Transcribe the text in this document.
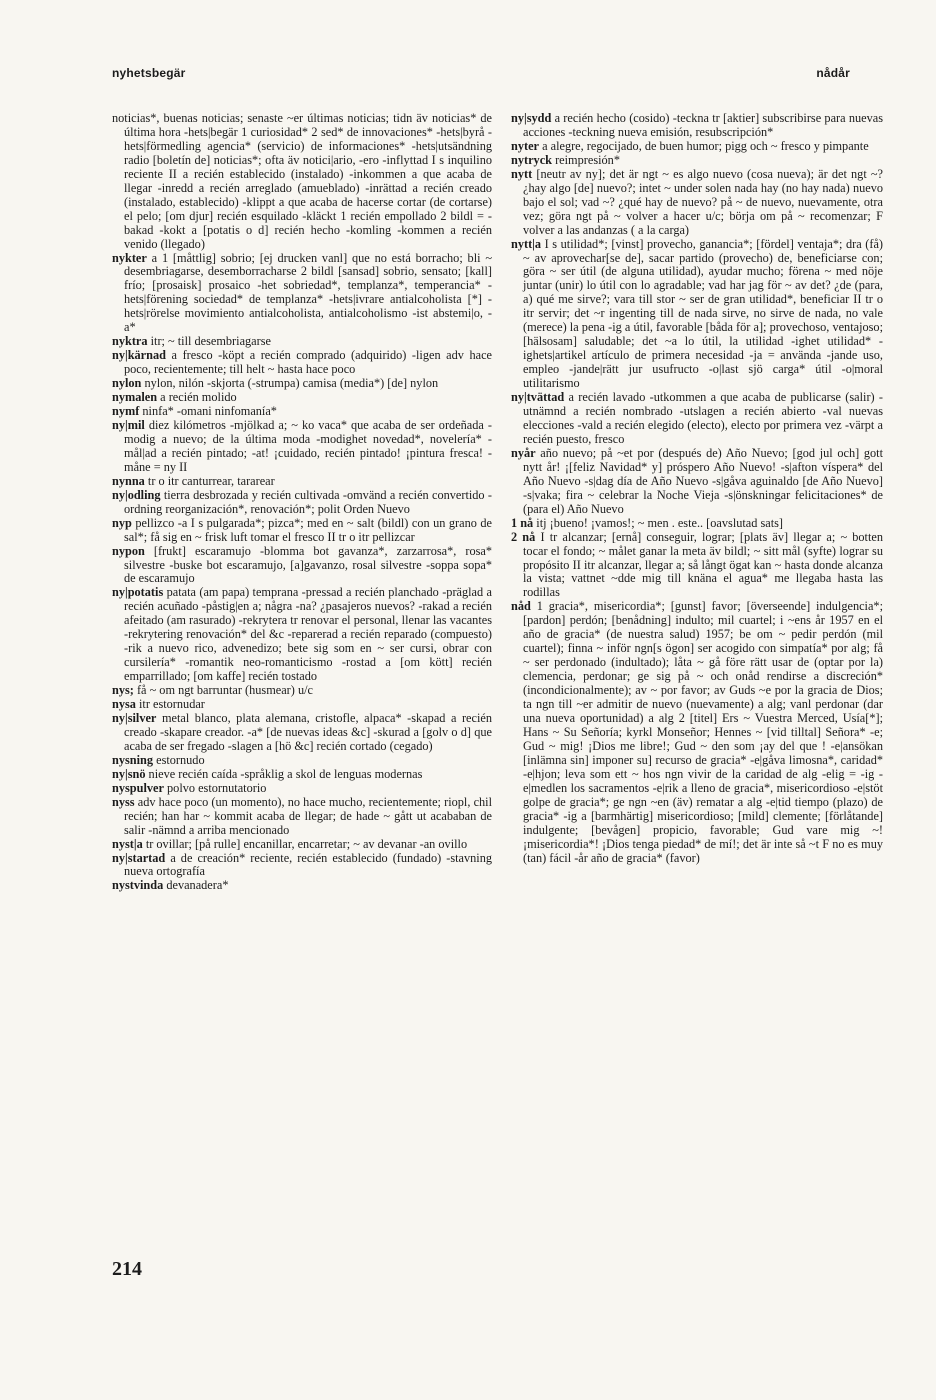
nyhetsbegär	nådår

noticias*, buenas noticias; senaste ~er últimas noticias; tidn äv noticias* de última hora -hets|begär 1 curiosidad* 2 sed* de innovaciones* -hets|byrå -hets|förmedling agencia* (servicio) de informaciones* -hets|utsändning radio [boletín de] noticias*; ofta äv notici|ario, -ero -inflyttad I s inquilino reciente II a recién establecido (instalado) -inkommen a que acaba de llegar -inredd a recién arreglado (amueblado) -inrättad a recién creado (instalado, establecido) -klippt a que acaba de hacerse cortar (de cortarse) el pelo; [om djur] recién esquilado -kläckt 1 recién empollado 2 bildl = -bakad -kokt a [potatis o d] recién hecho -komling -kommen a recién venido (llegado)

nykter a 1 [måttlig] sobrio; [ej drucken vanl] que no está borracho; bli ~ desembriagarse, desemborracharse 2 bildl [sansad] sobrio, sensato; [kall] frío; [prosaisk] prosaico -het sobriedad*, templanza*, temperancia* -hets|förening sociedad* de templanza* -hets|ivrare antialcoholista [*] -hets|rörelse movimiento antialcoholista, antialcoholismo -ist abstemi|o, -a*

nyktra itr; ~ till desembriagarse

ny|kärnad a fresco -köpt a recién comprado (adquirido) -ligen adv hace poco, recientemente; till helt ~ hasta hace poco

nylon nylon, nilón -skjorta (-strumpa) camisa (media*) [de] nylon

nymalen a recién molido

nymf ninfa* -omani ninfomanía*

ny|mil diez kilómetros -mjölkad a; ~ ko vaca* que acaba de ser ordeñada -modig a nuevo; de la última moda -modighet novedad*, novelería* -mål|ad a recién pintado; -at! ¡cuidado, recién pintado! ¡pintura fresca! -måne = ny II

nynna tr o itr canturrear, tararear

ny|odling tierra desbrozada y recién cultivada -omvänd a recién convertido -ordning reorganización*, renovación*; polit Orden Nuevo

nyp pellizco -a I s pulgarada*; pizca*; med en ~ salt (bildl) con un grano de sal*; få sig en ~ frisk luft tomar el fresco II tr o itr pellizcar

nypon [frukt] escaramujo -blomma bot gavanza*, zarzarrosa*, rosa* silvestre -buske bot escaramujo, [a]gavanzo, rosal silvestre -soppa sopa* de escaramujo

ny|potatis patata (am papa) temprana -pressad a recién planchado -präglad a recién acuñado -påstig|en a; några -na? ¿pasajeros nuevos? -rakad a recién afeitado (am rasurado) -rekrytera tr renovar el personal, llenar las vacantes -rekrytering renovación* del &c -reparerad a recién reparado (compuesto) -rik a nuevo rico, advenedizo; bete sig som en ~ ser cursi, obrar con cursilería* -romantik neo-romanticismo -rostad a [om kött] recién emparrillado; [om kaffe] recién tostado

nys; få ~ om ngt barruntar (husmear) u/c

nysa itr estornudar

ny|silver metal blanco, plata alemana, cristofle, alpaca* -skapad a recién creado -skapare creador. -a* [de nuevas ideas &c] -skurad a [golv o d] que acaba de ser fregado -slagen a [hö &c] recién cortado (cegado)

nysning estornudo

ny|snö nieve recién caída -språklig a skol de lenguas modernas

nyspulver polvo estornutatorio

nyss adv hace poco (un momento), no hace mucho, recientemente; riopl, chil recién; han har ~ kommit acaba de llegar; de hade ~ gått ut acababan de salir -nämnd a arriba mencionado

nyst|a tr ovillar; [på rulle] encanillar, encarretar; ~ av devanar -an ovillo

ny|startad a de creación* reciente, recién establecido (fundado) -stavning nueva ortografía

nystvinda devanadera*

ny|sydd a recién hecho (cosido) -teckna tr [aktier] subscribirse para nuevas acciones -teckning nueva emisión, resubscripción*

nyter a alegre, regocijado, de buen humor; pigg och ~ fresco y pimpante

nytryck reimpresión*

nytt [neutr av ny]; det är ngt ~ es algo nuevo (cosa nueva); är det ngt ~? ¿hay algo [de] nuevo?; intet ~ under solen nada hay (no hay nada) nuevo bajo el sol; vad ~? ¿qué hay de nuevo? på ~ de nuevo, nuevamente, otra vez; göra ngt på ~ volver a hacer u/c; börja om på ~ recomenzar; F volver a las andanzas ( a la carga)

nytt|a I s utilidad*; [vinst] provecho, ganancia*; [fördel] ventaja*; dra (få) ~ av aprovechar[se de], sacar partido (provecho) de, beneficiarse con; göra ~ ser útil (de alguna utilidad), ayudar mucho; förena ~ med nöje juntar (unir) lo útil con lo agradable; vad har jag för ~ av det? ¿de (para, a) qué me sirve?; vara till stor ~ ser de gran utilidad*, beneficiar II tr o itr servir; det ~r ingenting till de nada sirve, no sirve de nada, no vale (merece) la pena -ig a útil, favorable [båda för a]; provechoso, ventajoso; [hälsosam] saludable; det ~a lo útil, la utilidad -ighet utilidad* -ighets|artikel artículo de primera necesidad -ja = använda -jande uso, empleo -jande|rätt jur usufructo -o|last sjö carga* útil -o|moral utilitarismo

ny|tvättad a recién lavado -utkommen a que acaba de publicarse (salir) -utnämnd a recién nombrado -utslagen a recién abierto -val nuevas elecciones -vald a recién elegido (electo), electo por primera vez -värpt a recién puesto, fresco

nyår año nuevo; på ~et por (después de) Año Nuevo; [god jul och] gott nytt år! ¡[feliz Navidad* y] próspero Año Nuevo! -s|afton víspera* del Año Nuevo -s|dag día de Año Nuevo -s|gåva aguinaldo [de Año Nuevo] -s|vaka; fira ~ celebrar la Noche Vieja -s|önskningar felicitaciones* de (para el) Año Nuevo

1 nå itj ¡bueno! ¡vamos!; ~ men . este.. [oavslutad sats]

2 nå I tr alcanzar; [ernå] conseguir, lograr; [plats äv] llegar a; ~ botten tocar el fondo; ~ målet ganar la meta äv bildl; ~ sitt mål (syfte) lograr su propósito II itr alcanzar, llegar a; så långt ögat kan ~ hasta donde alcanza la vista; vattnet ~dde mig till knäna el agua* me llegaba hasta las rodillas

nåd 1 gracia*, misericordia*; [gunst] favor; [överseende] indulgencia*; [pardon] perdón; [benådning] indulto; mil cuartel; i ~ens år 1957 en el año de gracia* (de nuestra salud) 1957; be om ~ pedir perdón (mil cuartel); finna ~ inför ngn[s ögon] ser acogido con simpatía* por alg; få ~ ser perdonado (indultado); låta ~ gå före rätt usar de (optar por la) clemencia, perdonar; ge sig på ~ och onåd rendirse a discreción* (incondicionalmente); av ~ por favor; av Guds ~e por la gracia de Dios; ta ngn till ~er admitir de nuevo (nuevamente) a alg; vanl perdonar (dar una nueva oportunidad) a alg 2 [titel] Ers ~ Vuestra Merced, Usía[*]; Hans ~ Su Señoría; kyrkl Monseñor; Hennes ~ [vid tilltal] Señora* -e; Gud ~ mig! ¡Dios me libre!; Gud ~ den som ¡ay del que ! -e|ansökan [inlämna sin] imponer su] recurso de gracia* -e|gåva limosna*, caridad* -e|hjon; leva som ett ~ hos ngn vivir de la caridad de alg -elig = -ig -e|medlen los sacramentos -e|rik a lleno de gracia*, misericordioso -e|stöt golpe de gracia*; ge ngn ~en (äv) rematar a alg -e|tid tiempo (plazo) de gracia* -ig a [barmhärtig] misericordioso; [mild] clemente; [förlåtande] indulgente; [bevågen] propicio, favorable; Gud vare mig ~! ¡misericordia*! ¡Dios tenga piedad* de mí!; det är inte så ~t F no es muy (tan) fácil -år año de gracia* (favor)

214
